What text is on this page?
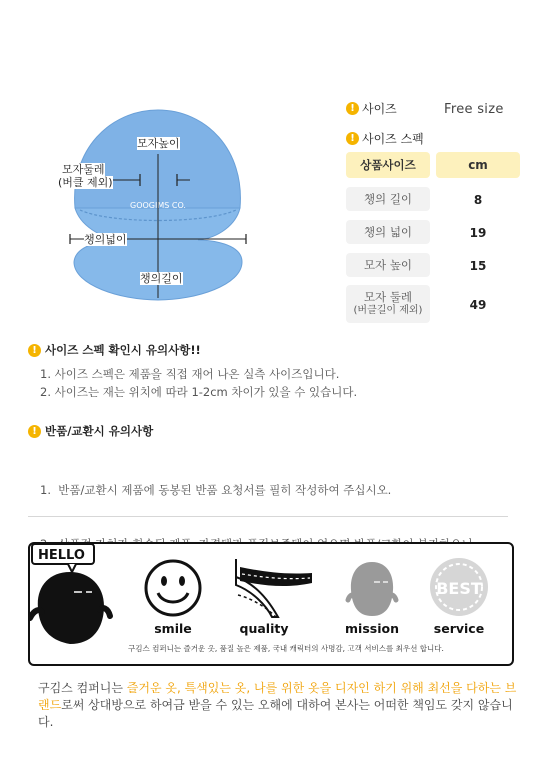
GOOGIMS CO.
모자높이
모자둘레
(버클 제외)
챙의넓이
챙의길이
! 사이즈	Free size
! 사이즈 스펙
상품사이즈	cm
챙의 길이	8
챙의 넓이	19
모자 높이	15
모자 둘레
(버클길이 제외)	49
! 사이즈 스펙 확인시 유의사항!!
1. 사이즈 스펙은 제품을 직접 재어 나온 실측 사이즈입니다.
2. 사이즈는 재는 위치에 따라 1-2cm 차이가 있을 수 있습니다.
! 반품/교환시 유의사항

1.  반품/교환시 제품에 동봉된 반품 요청서를 필히 작성하여 주십시오.

HELLO
smile	quality	mission
BEST
service
구김스 컴퍼니는 즐거운 옷, 품질 높은 제품, 국내 캐릭터의 사명감, 고객 서비스를 최우선 합니다.
구김스 컴퍼니는 즐거운 옷, 특색있는 옷, 나를 위한 옷을 디자인 하기 위해 최선을 다하는 브랜드로써 상대방으로 하여금 받을 수 있는 오해에 대하여 본사는 어떠한 책임도 갖지 않습니다.
